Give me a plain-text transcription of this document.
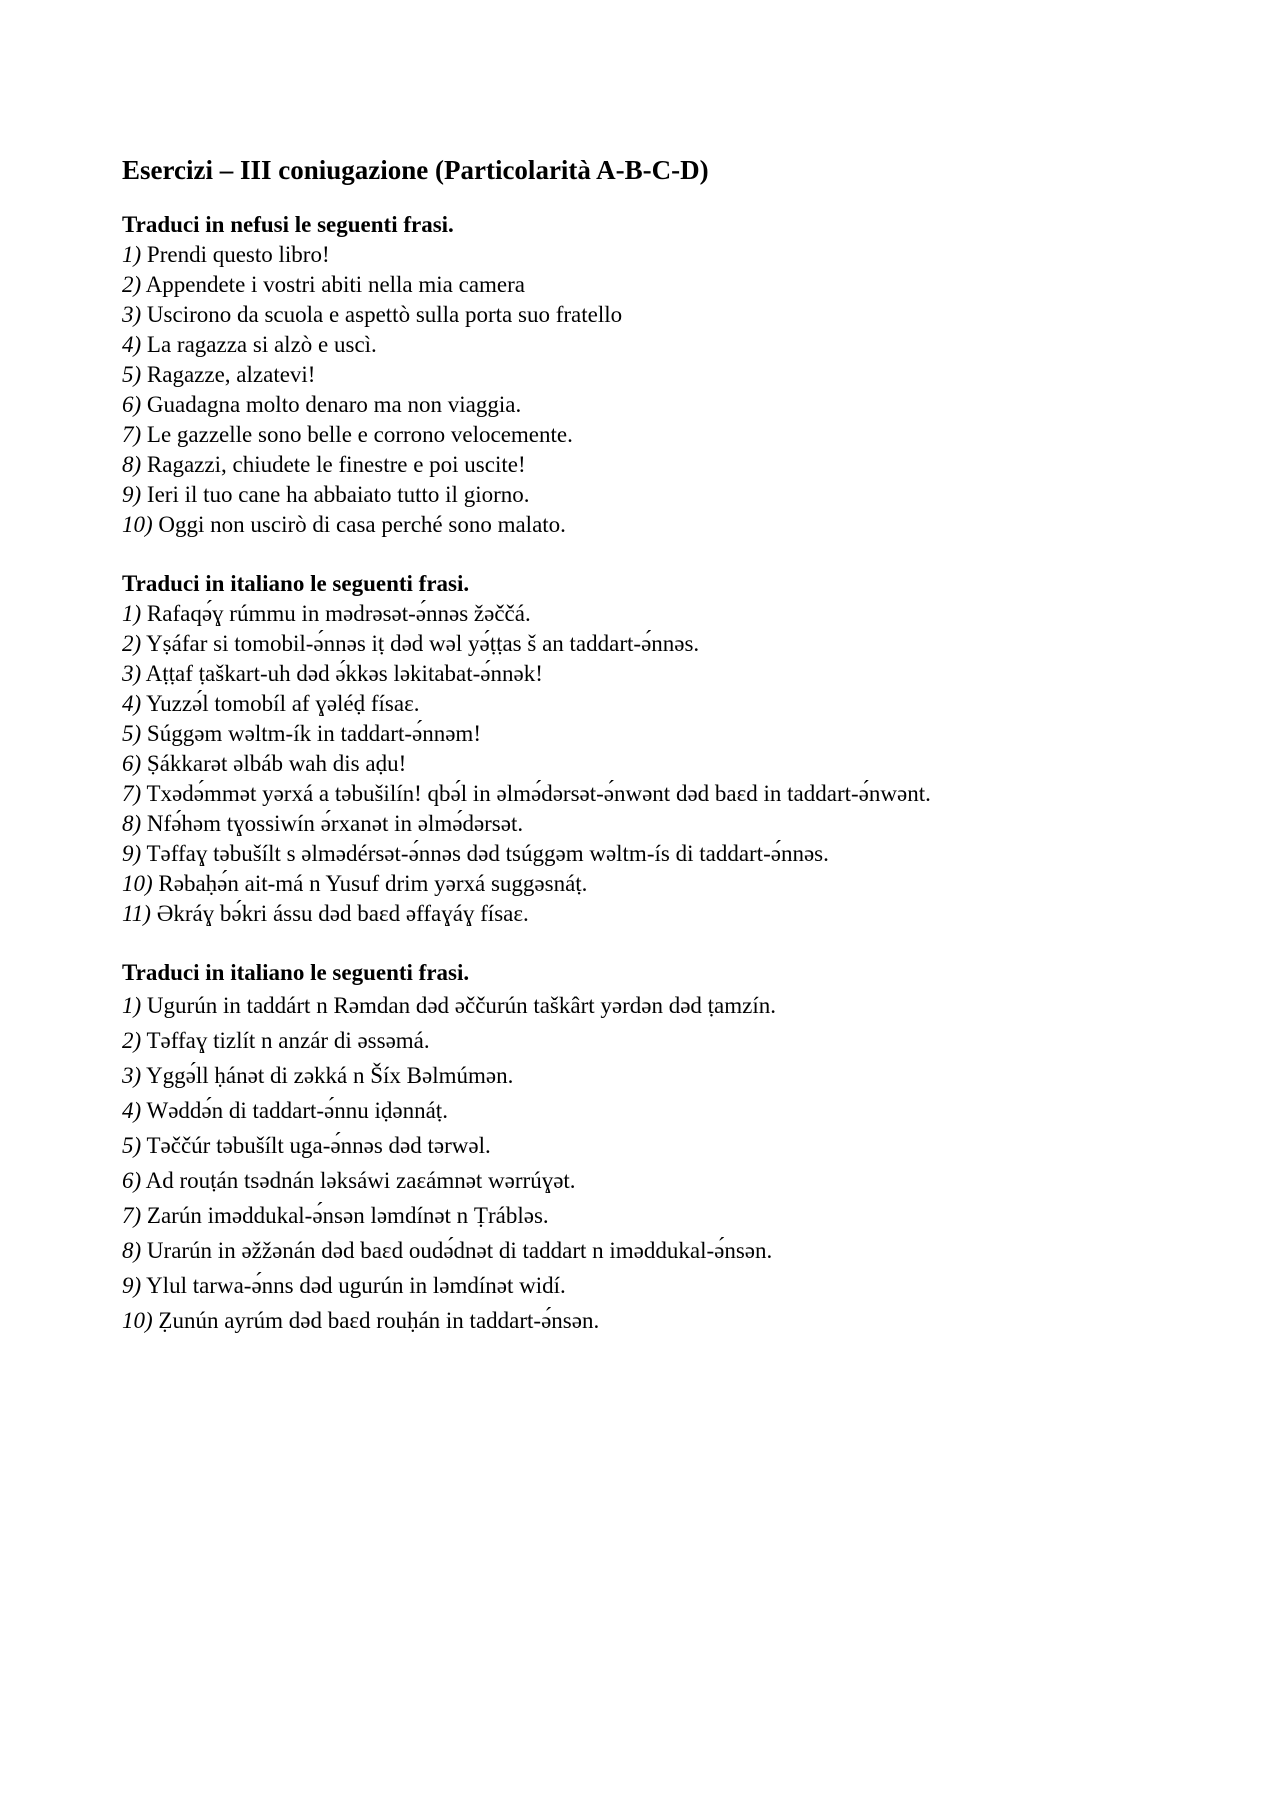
Esercizi – III coniugazione (Particolarità A-B-C-D)

Traduci in nefusi le seguenti frasi.

1) Prendi questo libro!
2) Appendete i vostri abiti nella mia camera
3) Uscirono da scuola e aspettò sulla porta suo fratello
4) La ragazza si alzò e uscì.
5) Ragazze, alzatevi!
6) Guadagna molto denaro ma non viaggia.
7) Le gazzelle sono belle e corrono velocemente.
8) Ragazzi, chiudete le finestre e poi uscite!
9) Ieri il tuo cane ha abbaiato tutto il giorno.
10) Oggi non uscirò di casa perché sono malato.

Traduci in italiano le seguenti frasi.

1) Rafaqə́ɣ rúmmu in mədrəsət-ə́nnəs žəččá.
2) Yṣáfar si tomobil-ə́nnəs iṭ dəd wəl yə́ṭṭas š an taddart-ə́nnəs.
3) Aṭṭaf ṭaškart-uh dəd ə́kkəs ləkitabat-ə́nnək!
4) Yuzzə́l tomobíl af ɣəléḍ físaɛ.
5) Súggəm wəltm-ík in taddart-ə́nnəm!
6) Ṣákkarət əlbáb wah dis aḍu!
7) Txədə́mmət yərxá a təbušilín! qbə́l in əlmə́dərsət-ə́nwənt dəd baɛd in taddart-ə́nwənt.
8) Nfə́həm tɣossiwín ə́rxanət in əlmə́dərsət.
9) Təffaɣ təbušílt s əlmədérsət-ə́nnəs dəd tsúggəm wəltm-ís di taddart-ə́nnəs.
10) Rəbaḥə́n ait-má n Yusuf drim yərxá suggəsnáṭ.
11) Əkráɣ bə́kri ássu dəd baɛd əffaɣáɣ físaɛ.

Traduci in italiano le seguenti frasi.

1) Ugurún in taddárt n Rəmdan dəd əččurún taškârt yərdən dəd ṭamzín.
2) Təffaɣ tizlít n anzár di əssəmá.
3) Yggə́ll ḥánət di zəkká n Šíx Bəlmúmən.
4) Wəddə́n di taddart-ə́nnu iḍənnáṭ.
5) Təččúr təbušílt uga-ə́nnəs dəd tərwəl.
6) Ad rouṭán tsədnán ləksáwi zaɛámnət wərrúɣət.
7) Zarún iməddukal-ə́nsən ləmdínət n Ṭrábləs.
8) Urarún in əžžənán dəd baɛd oudə́dnət di taddart n iməddukal-ə́nsən.
9) Ylul tarwa-ə́nns dəd ugurún in ləmdínət widí.
10) Ẓunún ayrúm dəd baɛd rouḥán in taddart-ə́nsən.
